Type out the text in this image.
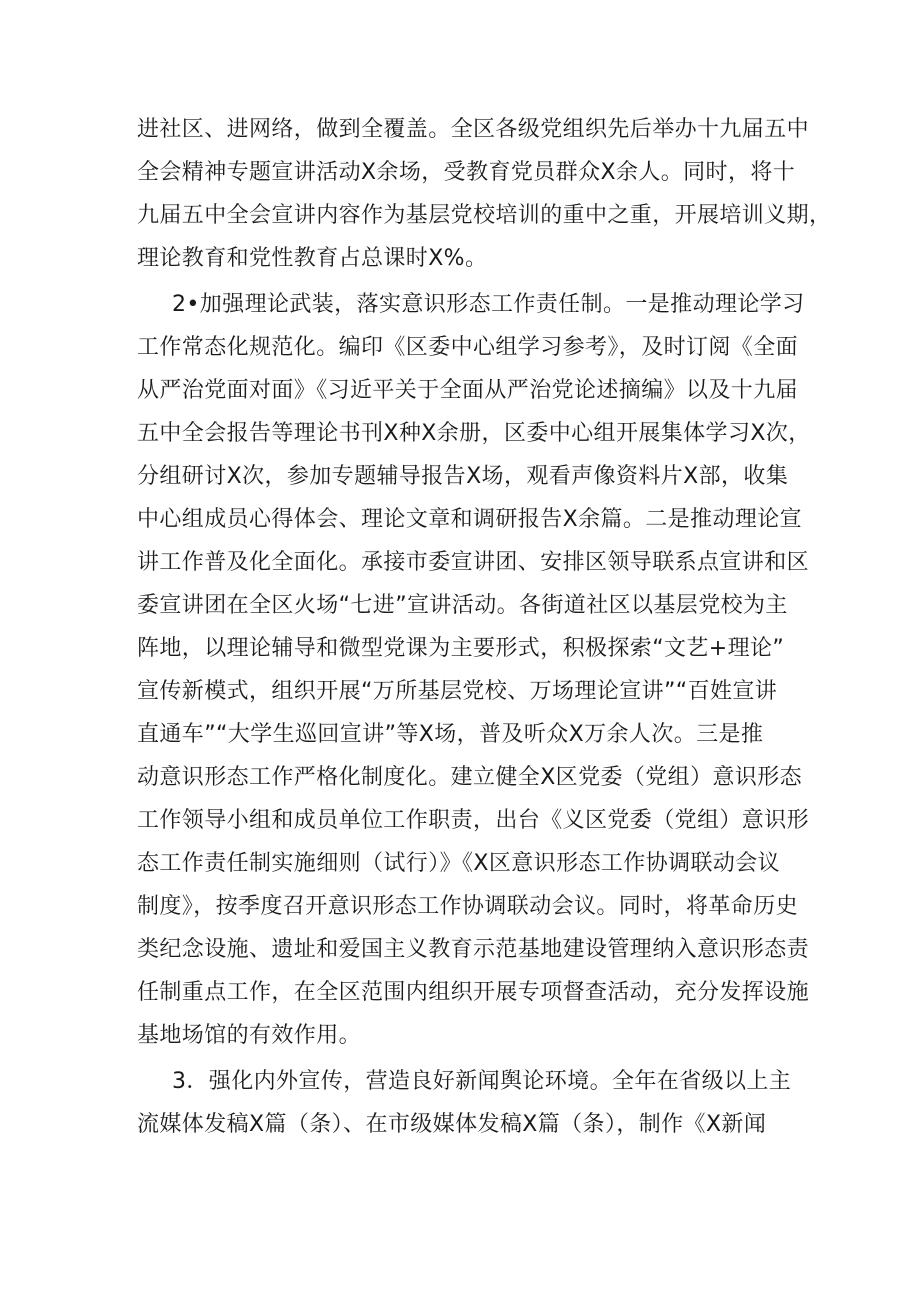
进社区、进网络，做到全覆盖。全区各级党组织先后举办十九届五中
全会精神专题宣讲活动X余场，受教育党员群众X余人。同时，将十
九届五中全会宣讲内容作为基层党校培训的重中之重，开展培训义期，
理论教育和党性教育占总课时X%。
2•加强理论武装，落实意识形态工作责任制。一是推动理论学习
工作常态化规范化。编印《区委中心组学习参考》，及时订阅《全面
从严治党面对面》《习近平关于全面从严治党论述摘编》以及十九届
五中全会报告等理论书刊X种X余册，区委中心组开展集体学习X次，
分组研讨X次，参加专题辅导报告X场，观看声像资料片X部，收集
中心组成员心得体会、理论文章和调研报告X余篇。二是推动理论宣
讲工作普及化全面化。承接市委宣讲团、安排区领导联系点宣讲和区
委宣讲团在全区火场“七进”宣讲活动。各街道社区以基层党校为主
阵地，以理论辅导和微型党课为主要形式，积极探索“文艺+理论”
宣传新模式，组织开展“万所基层党校、万场理论宣讲”“百姓宣讲
直通车”“大学生巡回宣讲”等X场，普及听众X万余人次。三是推
动意识形态工作严格化制度化。建立健全X区党委（党组）意识形态
工作领导小组和成员单位工作职责，出台《义区党委（党组）意识形
态工作责任制实施细则（试行）》《X区意识形态工作协调联动会议
制度》，按季度召开意识形态工作协调联动会议。同时，将革命历史
类纪念设施、遗址和爱国主义教育示范基地建设管理纳入意识形态责
任制重点工作，在全区范围内组织开展专项督查活动，充分发挥设施
基地场馆的有效作用。
3．强化内外宣传，营造良好新闻舆论环境。全年在省级以上主
流媒体发稿X篇（条）、在市级媒体发稿X篇（条），制作《X新闻
